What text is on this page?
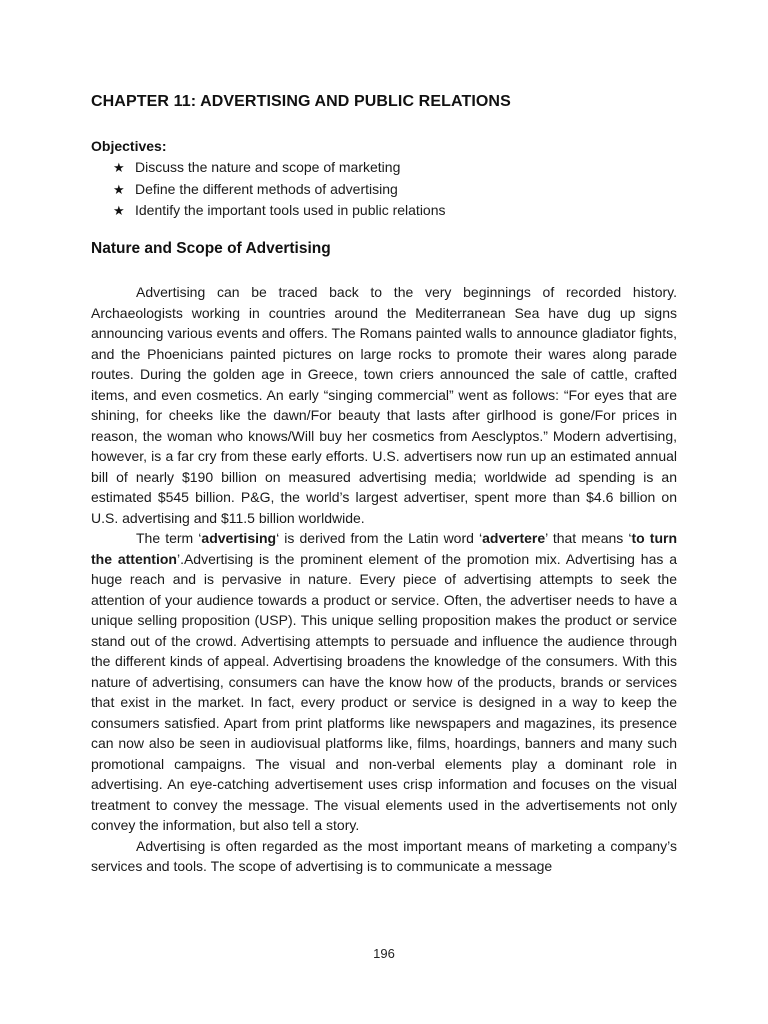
CHAPTER 11: ADVERTISING AND PUBLIC RELATIONS
Objectives:
★ Discuss the nature and scope of marketing
★ Define the different methods of advertising
★ Identify the important tools used in public relations
Nature and Scope of Advertising

Advertising can be traced back to the very beginnings of recorded history. Archaeologists working in countries around the Mediterranean Sea have dug up signs announcing various events and offers. The Romans painted walls to announce gladiator fights, and the Phoenicians painted pictures on large rocks to promote their wares along parade routes. During the golden age in Greece, town criers announced the sale of cattle, crafted items, and even cosmetics. An early “singing commercial” went as follows: “For eyes that are shining, for cheeks like the dawn/For beauty that lasts after girlhood is gone/For prices in reason, the woman who knows/Will buy her cosmetics from Aesclyptos.” Modern advertising, however, is a far cry from these early efforts. U.S. advertisers now run up an estimated annual bill of nearly $190 billion on measured advertising media; worldwide ad spending is an estimated $545 billion. P&G, the world’s largest advertiser, spent more than $4.6 billion on U.S. advertising and $11.5 billion worldwide.

The term ‘advertising‘ is derived from the Latin word ‘advertere’ that means ‘to turn the attention’.Advertising is the prominent element of the promotion mix. Advertising has a huge reach and is pervasive in nature. Every piece of advertising attempts to seek the attention of your audience towards a product or service. Often, the advertiser needs to have a unique selling proposition (USP). This unique selling proposition makes the product or service stand out of the crowd. Advertising attempts to persuade and influence the audience through the different kinds of appeal. Advertising broadens the knowledge of the consumers. With this nature of advertising, consumers can have the know how of the products, brands or services that exist in the market. In fact, every product or service is designed in a way to keep the consumers satisfied. Apart from print platforms like newspapers and magazines, its presence can now also be seen in audiovisual platforms like, films, hoardings, banners and many such promotional campaigns. The visual and non-verbal elements play a dominant role in advertising. An eye-catching advertisement uses crisp information and focuses on the visual treatment to convey the message. The visual elements used in the advertisements not only convey the information, but also tell a story.

Advertising is often regarded as the most important means of marketing a company’s services and tools. The scope of advertising is to communicate a message

196
